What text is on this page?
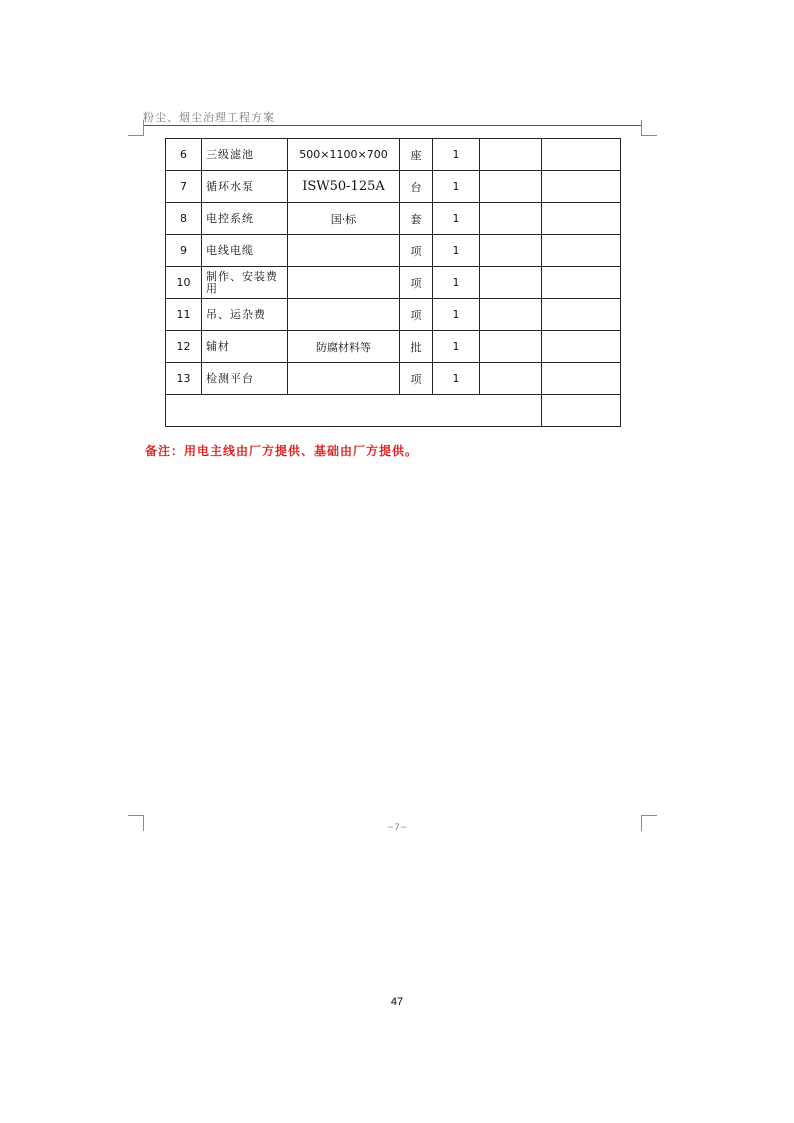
粉尘、烟尘治理工程方案
6	三级滤池	500×1100×700	座	1		
7	循环水泵	ISW50-125A	台	1		
8	电控系统	国·标	套	1		
9	电线电缆		项	1		
10	制作、安装费用		项	1		
11	吊、运杂费		项	1		
12	辅材	防腐材料等	批	1		
13	检测平台		项	1		

备注：用电主线由厂方提供、基础由厂方提供。
~7~
47
